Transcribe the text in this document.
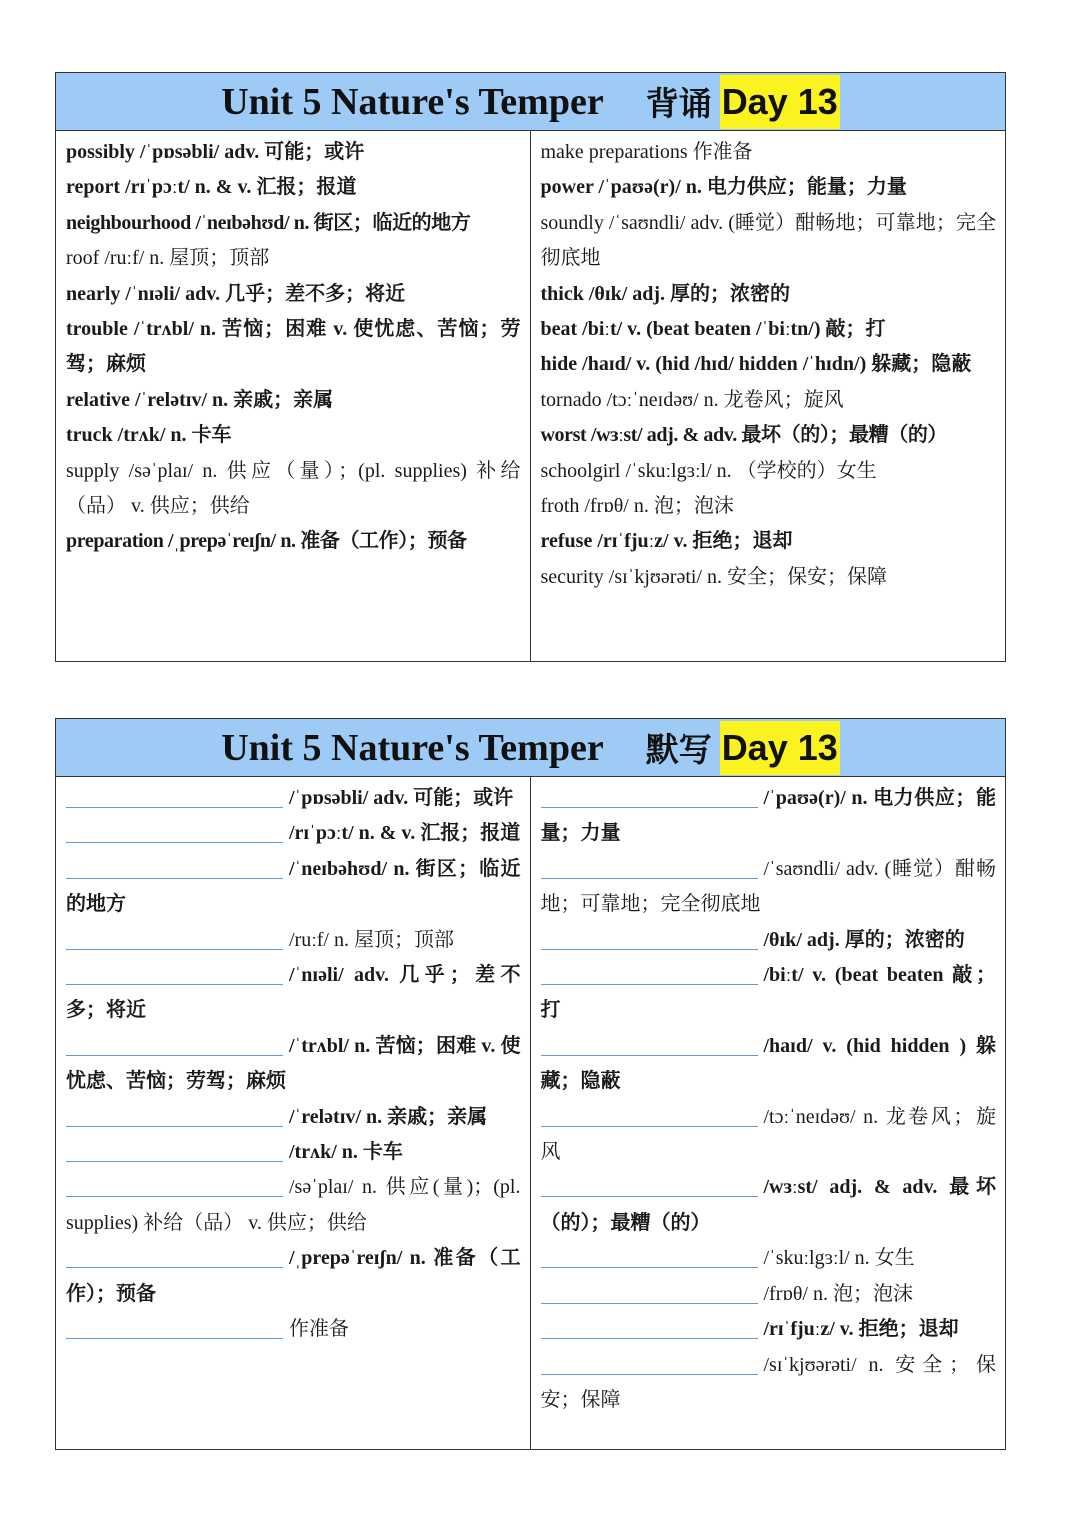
Unit 5 Nature's Temper 背诵 Day 13
possibly /ˈpɒsəbli/ adv. 可能；或许
report /rɪˈpɔːt/ n. & v. 汇报；报道
neighbourhood /ˈneɪbəhʊd/ n. 街区；临近的地方
roof /ruːf/ n. 屋顶；顶部
nearly /ˈnɪəli/ adv. 几乎；差不多；将近
trouble /ˈtrʌbl/ n. 苦恼；困难 v. 使忧虑、苦恼；劳驾；麻烦
relative /ˈrelətɪv/ n. 亲戚；亲属
truck /trʌk/ n. 卡车
supply /səˈplaɪ/ n. 供应（量）；(pl. supplies) 补给（品） v. 供应；供给
preparation /ˌprepəˈreɪʃn/ n. 准备（工作）；预备
make preparations 作准备
power /ˈpaʊə(r)/ n. 电力供应；能量；力量
soundly /ˈsaʊndli/ adv. (睡觉）酣畅地；可靠地；完全彻底地
thick /θɪk/ adj. 厚的；浓密的
beat /biːt/ v. (beat beaten /ˈbiːtn/) 敲；打
hide /haɪd/ v. (hid /hɪd/ hidden /ˈhɪdn/) 躲藏；隐蔽
tornado /tɔːˈneɪdəʊ/ n. 龙卷风；旋风
worst /wɜːst/ adj. & adv. 最坏（的）；最糟（的）
schoolgirl /ˈskuːlgɜːl/ n. （学校的）女生
froth /frɒθ/ n. 泡；泡沫
refuse /rɪˈfjuːz/ v. 拒绝；退却
security /sɪˈkjʊərəti/ n. 安全；保安；保障
Unit 5 Nature's Temper 默写 Day 13
/ˈpɒsəbli/ adv. 可能；或许
/rɪˈpɔːt/ n. & v. 汇报；报道
/ˈneɪbəhʊd/ n. 街区；临近的地方
/ruːf/ n. 屋顶；顶部
/ˈnɪəli/ adv. 几乎；差不多；将近
/ˈtrʌbl/ n. 苦恼；困难 v. 使忧虑、苦恼；劳驾；麻烦
/ˈrelətɪv/ n. 亲戚；亲属
/trʌk/ n. 卡车
/səˈplaɪ/ n. 供应(量)；(pl. supplies) 补给（品） v. 供应；供给
/ˌprepəˈreɪʃn/ n. 准备（工作）；预备
作准备
/ˈpaʊə(r)/ n. 电力供应；能量；力量
/ˈsaʊndli/ adv. (睡觉）酣畅地；可靠地；完全彻底地
/θɪk/ adj. 厚的；浓密的
/biːt/ v. (beat beaten 敲；打
/haɪd/ v. (hid hidden ) 躲藏；隐蔽
/tɔːˈneɪdəʊ/ n. 龙卷风；旋风
/wɜːst/ adj. & adv. 最坏（的）；最糟（的）
/ˈskuːlgɜːl/ n. 女生
/frɒθ/ n. 泡；泡沫
/rɪˈfjuːz/ v. 拒绝；退却
/sɪˈkjʊərəti/ n. 安全；保安；保障
